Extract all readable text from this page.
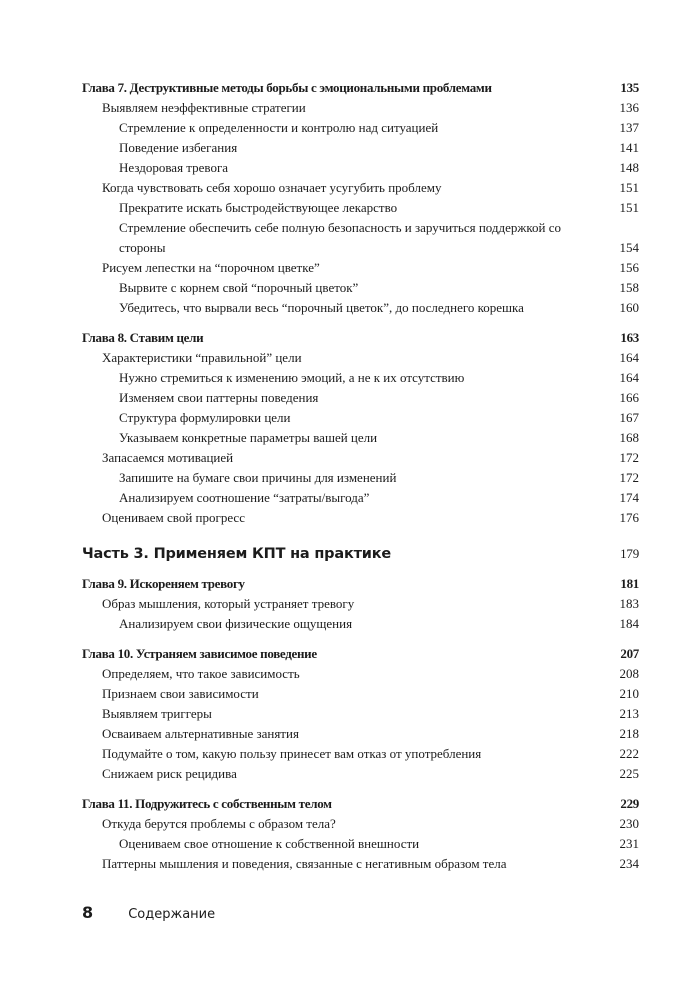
Глава 7. Деструктивные методы борьбы с эмоциональными проблемами	135
Выявляем неэффективные стратегии	136
Стремление к определенности и контролю над ситуацией	137
Поведение избегания	141
Нездоровая тревога	148
Когда чувствовать себя хорошо означает усугубить проблему	151
Прекратите искать быстродействующее лекарство	151
Стремление обеспечить себе полную безопасность и заручиться поддержкой со стороны	154
Рисуем лепестки на “порочном цветке”	156
Вырвите с корнем свой “порочный цветок”	158
Убедитесь, что вырвали весь “порочный цветок”, до последнего корешка	160
Глава 8. Ставим цели	163
Характеристики “правильной” цели	164
Нужно стремиться к изменению эмоций, а не к их отсутствию	164
Изменяем свои паттерны поведения	166
Структура формулировки цели	167
Указываем конкретные параметры вашей цели	168
Запасаемся мотивацией	172
Запишите на бумаге свои причины для изменений	172
Анализируем соотношение “затраты/выгода”	174
Оцениваем свой прогресс	176
Часть 3. Применяем КПТ на практике	179
Глава 9. Искореняем тревогу	181
Образ мышления, который устраняет тревогу	183
Анализируем свои физические ощущения	184
Глава 10. Устраняем зависимое поведение	207
Определяем, что такое зависимость	208
Признаем свои зависимости	210
Выявляем триггеры	213
Осваиваем альтернативные занятия	218
Подумайте о том, какую пользу принесет вам отказ от употребления	222
Снижаем риск рецидива	225
Глава 11. Подружитесь с собственным телом	229
Откуда берутся проблемы с образом тела?	230
Оцениваем свое отношение к собственной внешности	231
Паттерны мышления и поведения, связанные с негативным образом тела	234
8	Содержание
